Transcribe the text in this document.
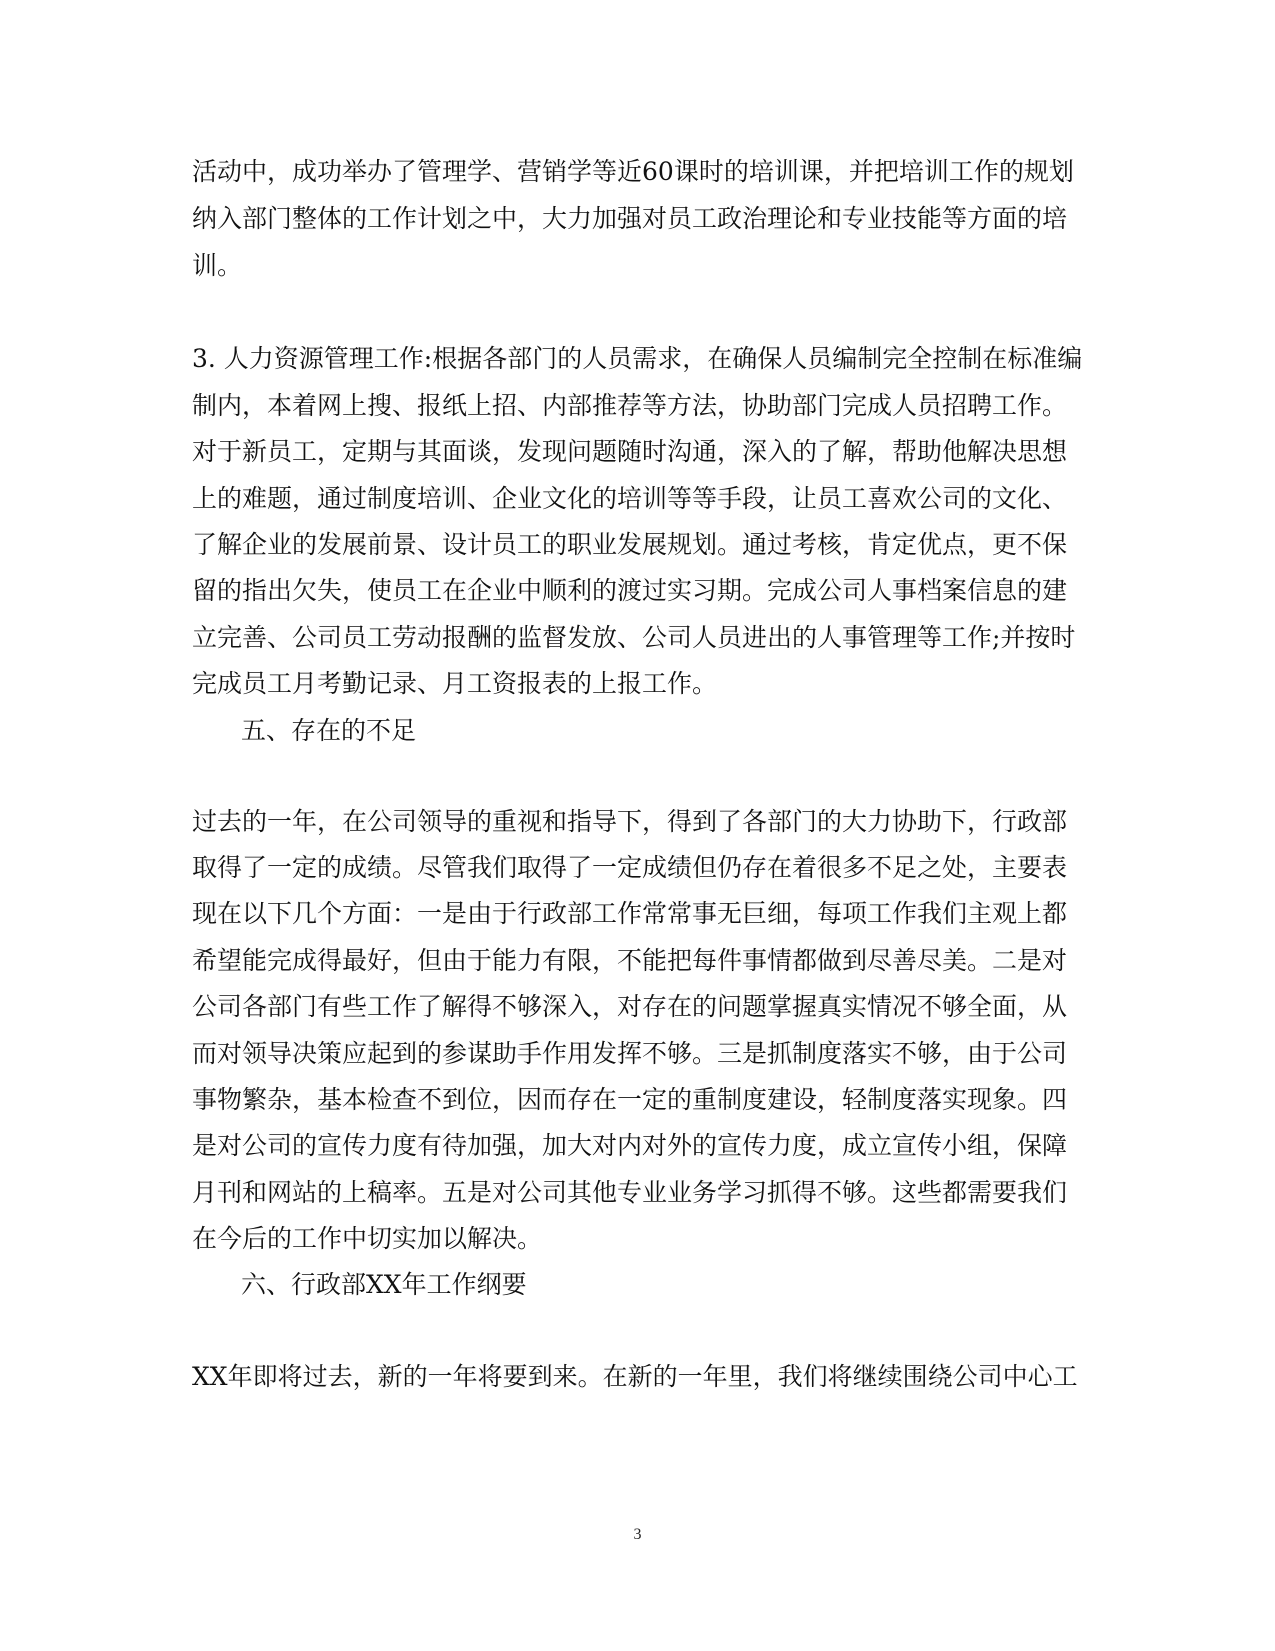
活动中，成功举办了管理学、营销学等近60课时的培训课，并把培训工作的规划

纳入部门整体的工作计划之中，大力加强对员工政治理论和专业技能等方面的培

训。

3. 人力资源管理工作:根据各部门的人员需求，在确保人员编制完全控制在标准编

制内，本着网上搜、报纸上招、内部推荐等方法，协助部门完成人员招聘工作。

对于新员工，定期与其面谈，发现问题随时沟通，深入的了解，帮助他解决思想

上的难题，通过制度培训、企业文化的培训等等手段，让员工喜欢公司的文化、

了解企业的发展前景、设计员工的职业发展规划。通过考核，肯定优点，更不保

留的指出欠失，使员工在企业中顺利的渡过实习期。完成公司人事档案信息的建

立完善、公司员工劳动报酬的监督发放、公司人员进出的人事管理等工作;并按时

完成员工月考勤记录、月工资报表的上报工作。

五、存在的不足

过去的一年，在公司领导的重视和指导下，得到了各部门的大力协助下，行政部

取得了一定的成绩。尽管我们取得了一定成绩但仍存在着很多不足之处，主要表

现在以下几个方面：一是由于行政部工作常常事无巨细，每项工作我们主观上都

希望能完成得最好，但由于能力有限，不能把每件事情都做到尽善尽美。二是对

公司各部门有些工作了解得不够深入，对存在的问题掌握真实情况不够全面，从

而对领导决策应起到的参谋助手作用发挥不够。三是抓制度落实不够，由于公司

事物繁杂，基本检查不到位，因而存在一定的重制度建设，轻制度落实现象。四

是对公司的宣传力度有待加强，加大对内对外的宣传力度，成立宣传小组，保障

月刊和网站的上稿率。五是对公司其他专业业务学习抓得不够。这些都需要我们

在今后的工作中切实加以解决。

六、行政部XX年工作纲要

XX年即将过去，新的一年将要到来。在新的一年里，我们将继续围绕公司中心工

3
